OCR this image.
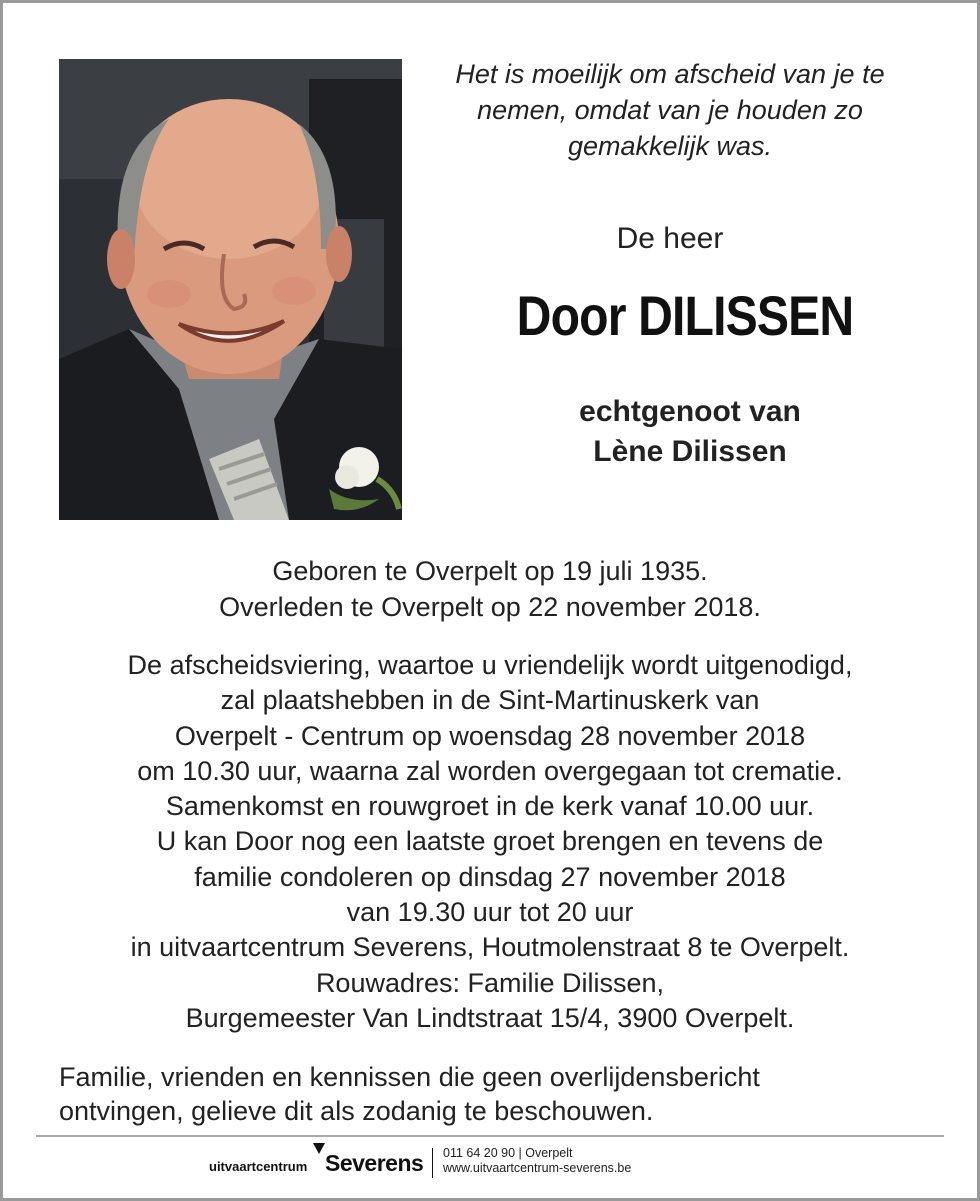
Het is moeilijk om afscheid van je te
nemen, omdat van je houden zo
gemakkelijk was.
De heer
Door DILISSEN
echtgenoot van
Lène Dilissen
Geboren te Overpelt op 19 juli 1935.
Overleden te Overpelt op 22 november 2018.
De afscheidsviering, waartoe u vriendelijk wordt uitgenodigd,
zal plaatshebben in de Sint-Martinuskerk van
Overpelt - Centrum op woensdag 28 november 2018
om 10.30 uur, waarna zal worden overgegaan tot crematie.
Samenkomst en rouwgroet in de kerk vanaf 10.00 uur.
U kan Door nog een laatste groet brengen en tevens de
familie condoleren op dinsdag 27 november 2018
van 19.30 uur tot 20 uur
in uitvaartcentrum Severens, Houtmolenstraat 8 te Overpelt.
Rouwadres: Familie Dilissen,
Burgemeester Van Lindtstraat 15/4, 3900 Overpelt.
Familie, vrienden en kennissen die geen overlijdensbericht
ontvingen, gelieve dit als zodanig te beschouwen.
uitvaartcentrum Severens 011 64 20 90 | Overpelt
www.uitvaartcentrum-severens.be
